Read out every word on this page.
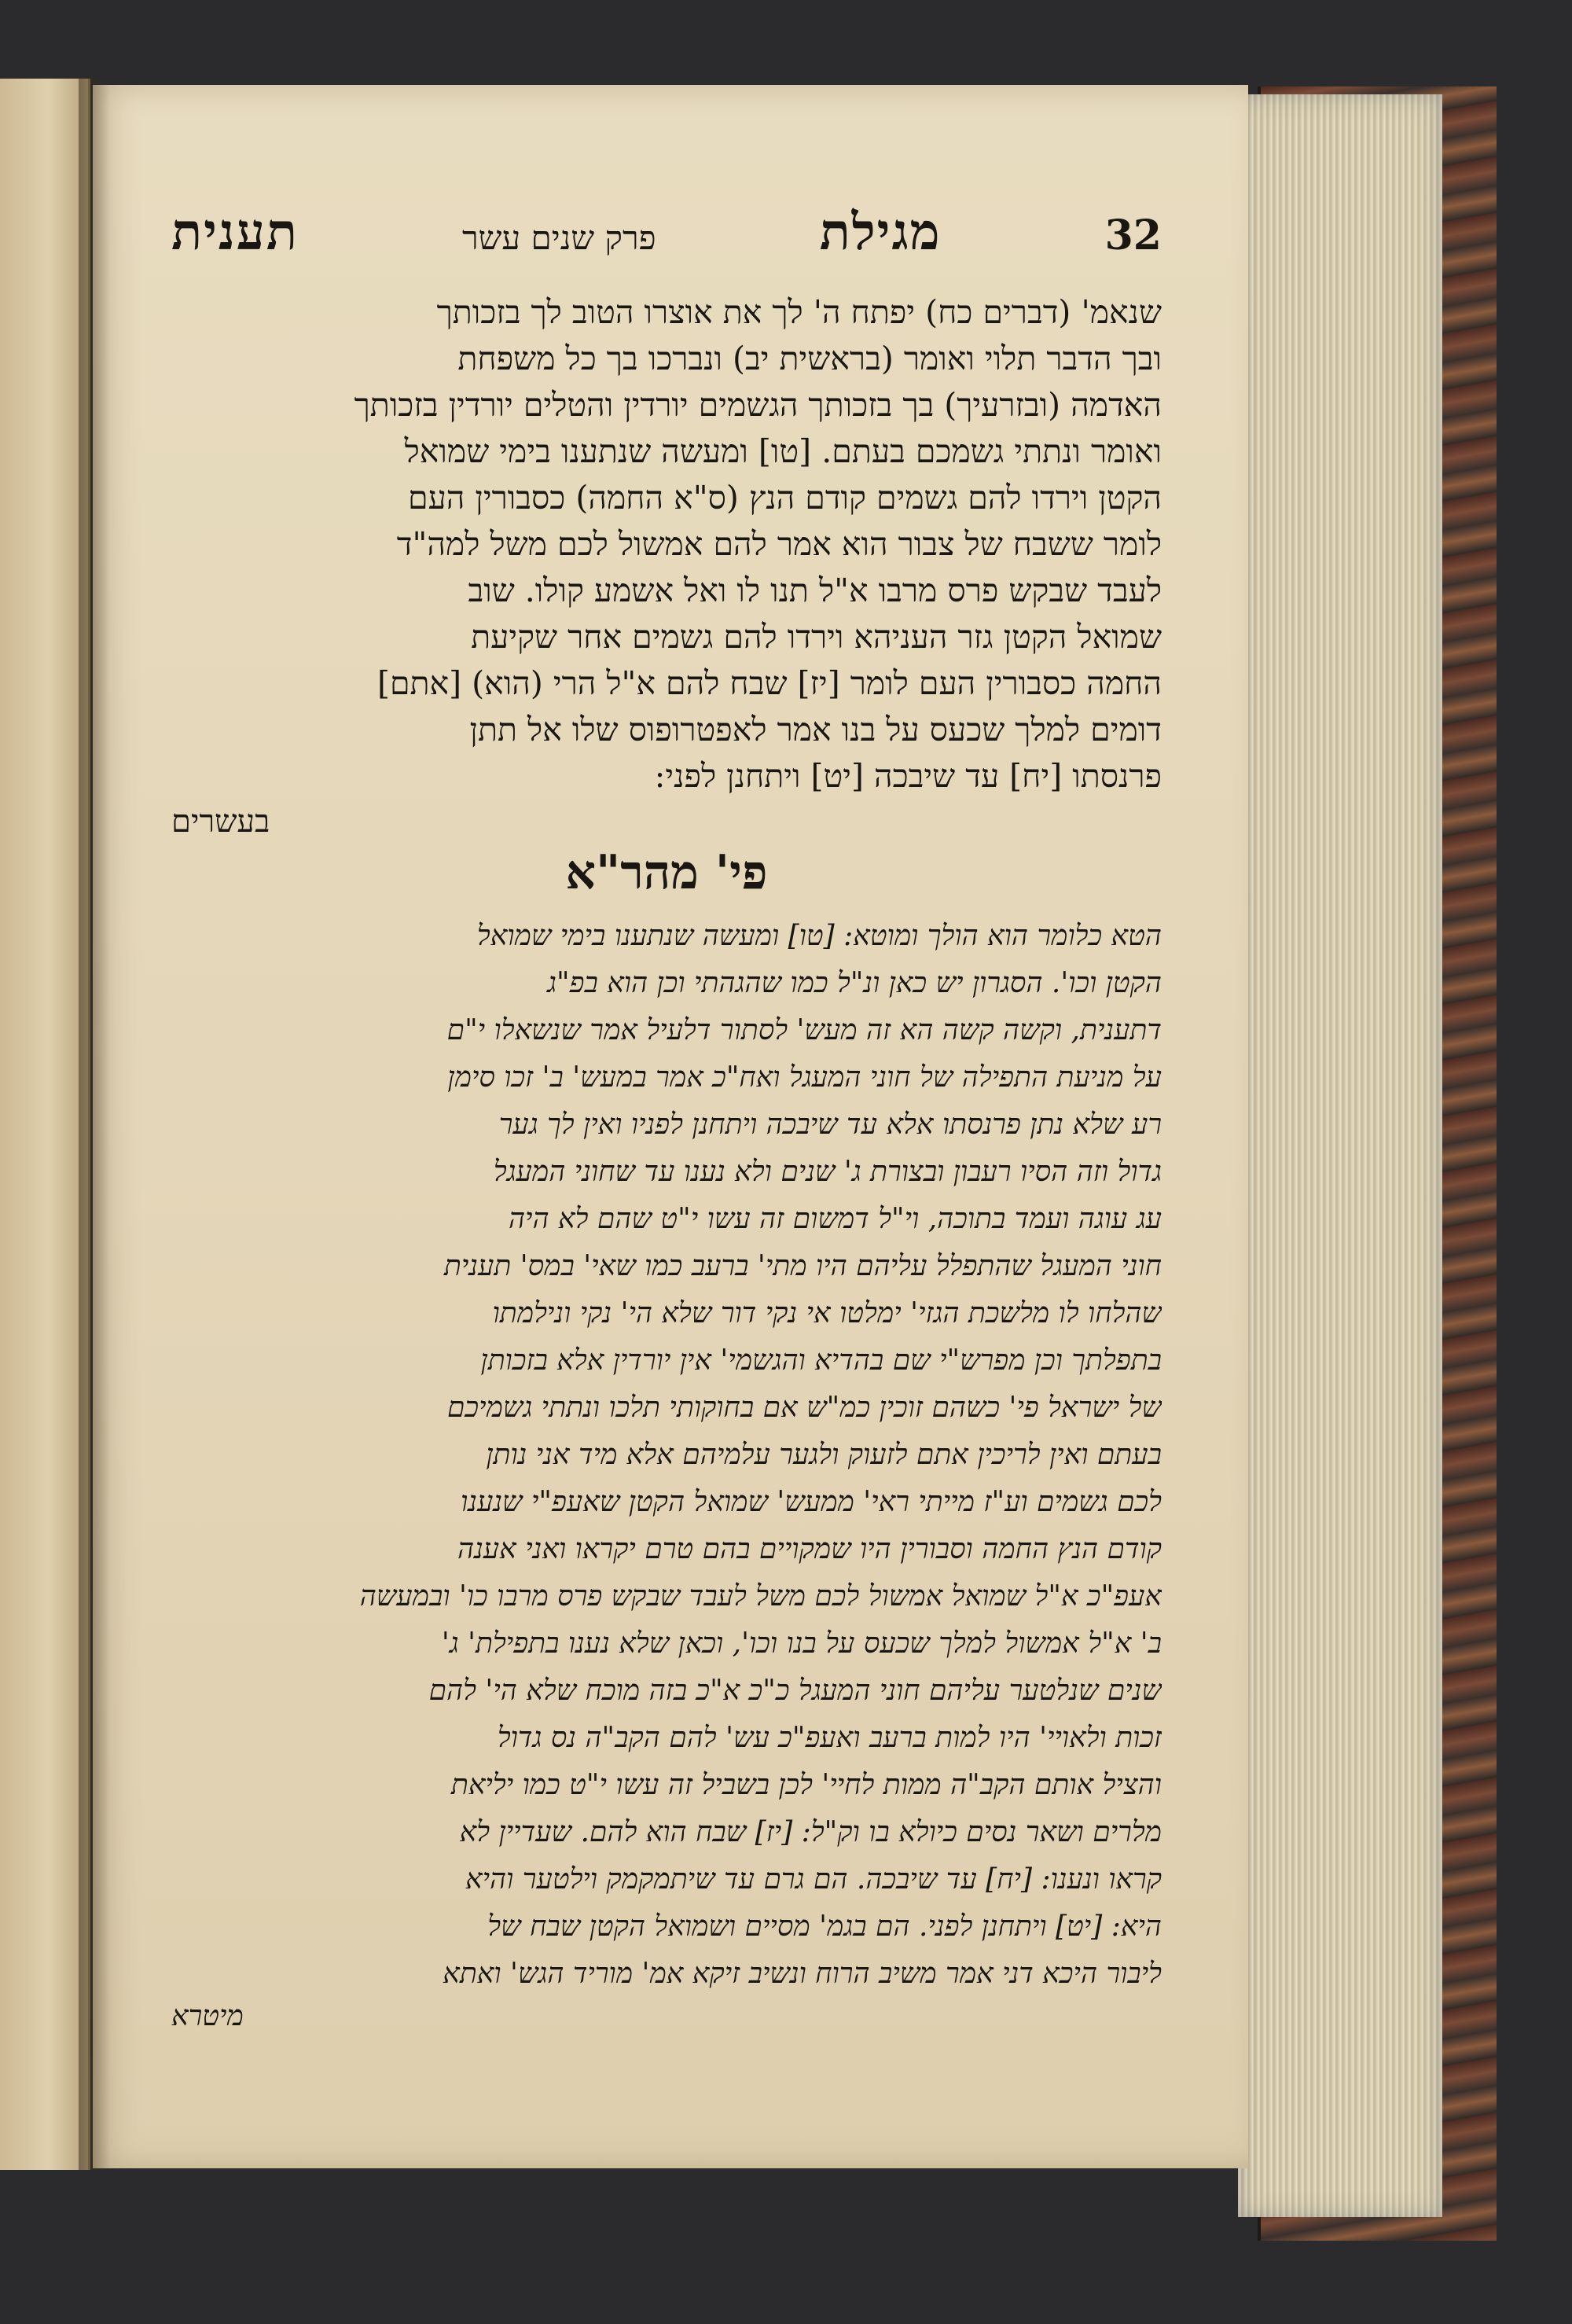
32
מגילת
פרק שנים עשר
תענית
שנאמ' (דברים כח) יפתח ה' לך את אוצרו הטוב לך בזכותך
ובך הדבר תלוי ואומר (בראשית יב) ונברכו בך כל משפחת
האדמה (ובזרעיך) בך בזכותך הגשמים יורדין והטלים יורדין בזכותך
ואומר ונתתי גשמכם בעתם. [טו] ומעשה שנתענו בימי שמואל
הקטן וירדו להם גשמים קודם הנץ (ס"א החמה) כסבורין העם
לומר ששבח של צבור הוא אמר להם אמשול לכם משל למה"ד
לעבד שבקש פרס מרבו א"ל תנו לו ואל אשמע קולו. שוב
שמואל הקטן גזר העניהא וירדו להם גשמים אחר שקיעת
החמה כסבורין העם לומר [יז] שבח להם א"ל הרי (הוא) [אתם]
דומים למלך שכעס על בנו אמר לאפטרופוס שלו אל תתן
פרנסתו [יח] עד שיבכה [יט] ויתחנן לפני:
בעשרים
פי' מהר"א
הטא כלומר הוא הולך ומוטא: [טו] ומעשה שנתענו בימי שמואל
הקטן וכו'. הסגרון יש כאן ונ"ל כמו שהגהתי וכן הוא בפ"ג
דתענית, וקשה קשה הא זה מעש' לסתור דלעיל אמר שנשאלו י"ם
על מניעת התפילה של חוני המעגל ואח"כ אמר במעש' ב' זכו סימן
רע שלא נתן פרנסתו אלא עד שיבכה ויתחנן לפניו ואין לך גער
גדול וזה הסיו רעבון ובצורת ג' שנים ולא נענו עד שחוני המעגל
עג עוגה ועמד בתוכה, וי"ל דמשום זה עשו י"ט שהם לא היה
חוני המעגל שהתפלל עליהם היו מתי' ברעב כמו שאי' במס' תענית
שהלחו לו מלשכת הגזי' ימלטו אי נקי דור שלא הי' נקי ונילמתו
בתפלתך וכן מפרש"י שם בהדיא והגשמי' אין יורדין אלא בזכותן
של ישראל פי' כשהם זוכין כמ"ש אם בחוקותי תלכו ונתתי גשמיכם
בעתם ואין לריכין אתם לזעוק ולגער עלמיהם אלא מיד אני נותן
לכם גשמים וע"ז מייתי ראי' ממעש' שמואל הקטן שאעפ"י שנענו
קודם הנץ החמה וסבורין היו שמקויים בהם טרם יקראו ואני אענה
אעפ"כ א"ל שמואל אמשול לכם משל לעבד שבקש פרס מרבו כו' ובמעשה
ב' א"ל אמשול למלך שכעס על בנו וכו', וכאן שלא נענו בתפילת' ג'
שנים שנלטער עליהם חוני המעגל כ"כ א"כ בזה מוכח שלא הי' להם
זכות ולאויי' היו למות ברעב ואעפ"כ עש' להם הקב"ה נס גדול
והציל אותם הקב"ה ממות לחיי' לכן בשביל זה עשו י"ט כמו יליאת
מלרים ושאר נסים כיולא בו וק"ל: [יז] שבח הוא להם. שעדיין לא
קראו ונענו: [יח] עד שיבכה. הם גרם עד שיתמקמק וילטער והיא
היא: [יט] ויתחנן לפני. הם בגמ' מסיים ושמואל הקטן שבח של
ליבור היכא דני אמר משיב הרוח ונשיב זיקא אמ' מוריד הגש' ואתא
מיטרא
